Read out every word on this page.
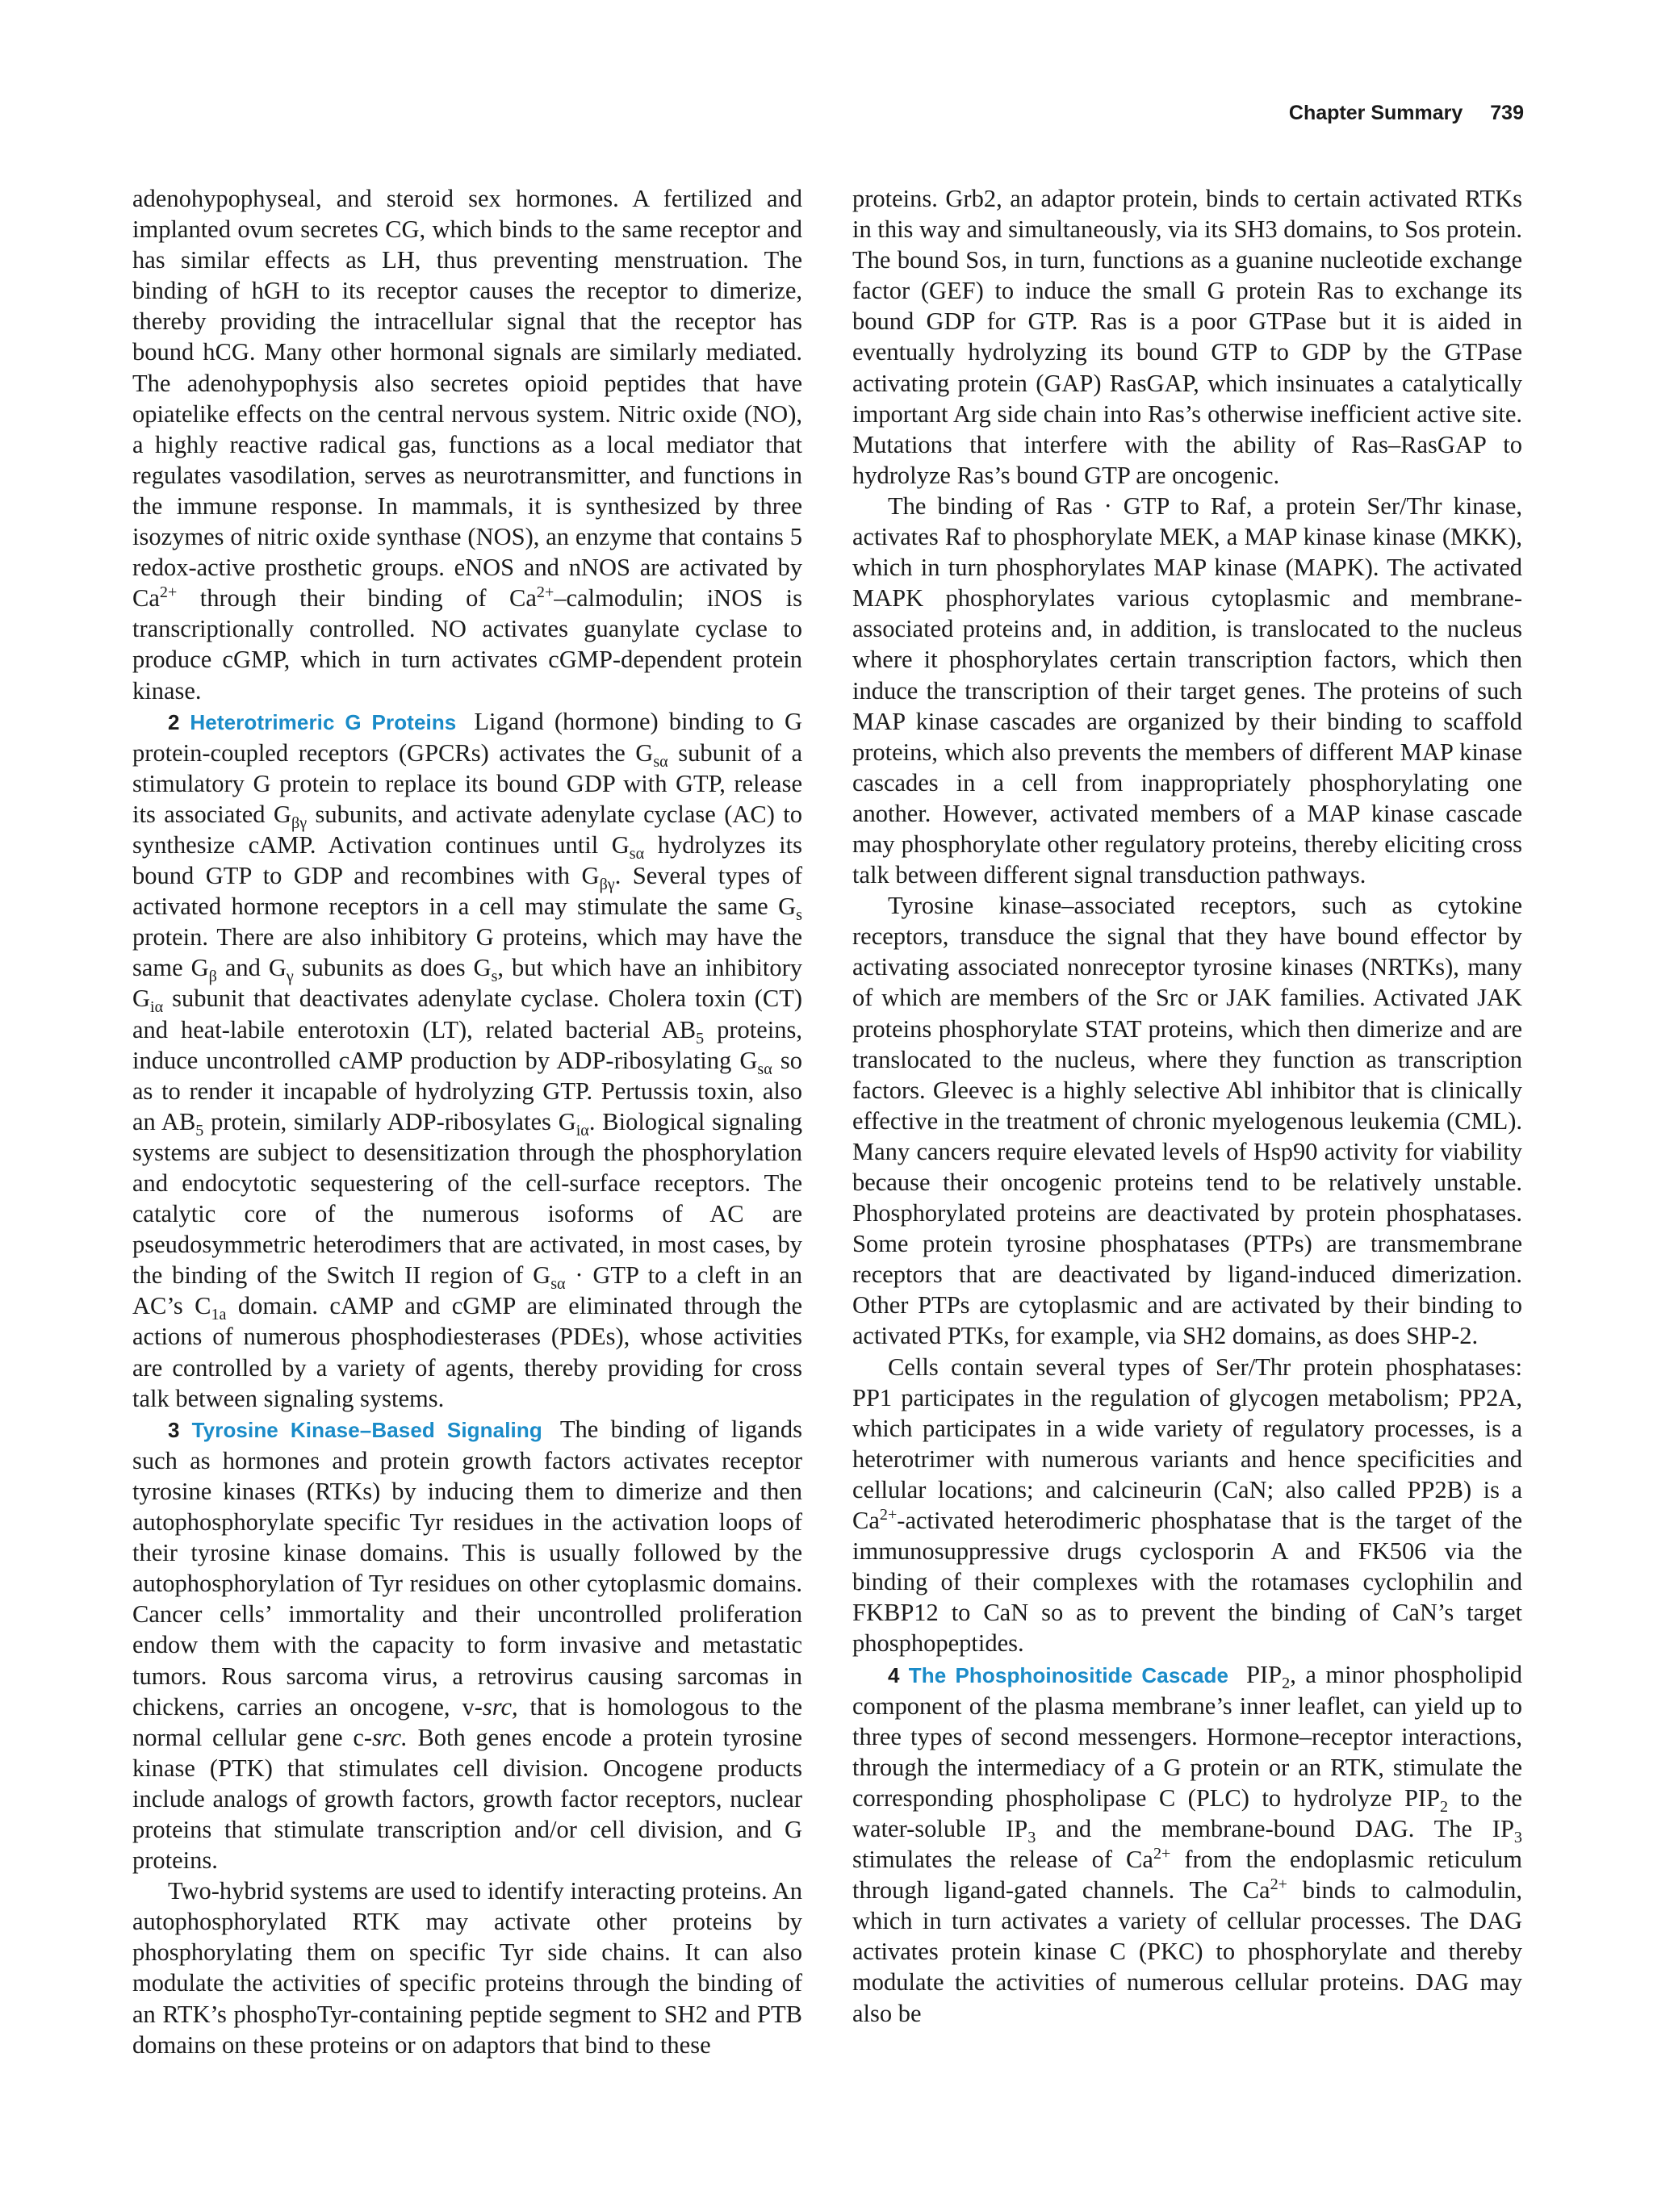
Chapter Summary 739

adenohypophyseal, and steroid sex hormones. A fertilized and implanted ovum secretes CG, which binds to the same receptor and has similar effects as LH, thus preventing menstruation. The binding of hGH to its receptor causes the receptor to dimerize, thereby providing the intracellular signal that the receptor has bound hCG. Many other hormonal signals are similarly mediated. The adenohypophysis also secretes opioid peptides that have opiatelike effects on the central nervous system. Nitric oxide (NO), a highly reactive radical gas, functions as a local mediator that regulates vasodilation, serves as neurotransmitter, and functions in the immune response. In mammals, it is synthesized by three isozymes of nitric oxide synthase (NOS), an enzyme that contains 5 redox-active prosthetic groups. eNOS and nNOS are activated by $Ca^{2+}$ through their binding of $Ca^{2+}$–calmodulin; iNOS is transcriptionally controlled. NO activates guanylate cyclase to produce cGMP, which in turn activates cGMP-dependent protein kinase.

2 Heterotrimeric G Proteins Ligand (hormone) binding to G protein-coupled receptors (GPCRs) activates the $G_{s\alpha}$ subunit of a stimulatory G protein to replace its bound GDP with GTP, release its associated $G_{\beta\gamma}$ subunits, and activate adenylate cyclase (AC) to synthesize cAMP. Activation continues until $G_{s\alpha}$ hydrolyzes its bound GTP to GDP and recombines with $G_{\beta\gamma}$. Several types of activated hormone receptors in a cell may stimulate the same $G_s$ protein. There are also inhibitory G proteins, which may have the same $G_\beta$ and $G_\gamma$ subunits as does $G_s$, but which have an inhibitory $G_{i\alpha}$ subunit that deactivates adenylate cyclase. Cholera toxin (CT) and heat-labile enterotoxin (LT), related bacterial $AB_5$ proteins, induce uncontrolled cAMP production by ADP-ribosylating $G_{s\alpha}$ so as to render it incapable of hydrolyzing GTP. Pertussis toxin, also an $AB_5$ protein, similarly ADP-ribosylates $G_{i\alpha}$. Biological signaling systems are subject to desensitization through the phosphorylation and endocytotic sequestering of the cell-surface receptors. The catalytic core of the numerous isoforms of AC are pseudosymmetric heterodimers that are activated, in most cases, by the binding of the Switch II region of $G_{s\alpha}$ · GTP to a cleft in an AC’s $C_{1a}$ domain. cAMP and cGMP are eliminated through the actions of numerous phosphodiesterases (PDEs), whose activities are controlled by a variety of agents, thereby providing for cross talk between signaling systems.

3 Tyrosine Kinase–Based Signaling The binding of ligands such as hormones and protein growth factors activates receptor tyrosine kinases (RTKs) by inducing them to dimerize and then autophosphorylate specific Tyr residues in the activation loops of their tyrosine kinase domains. This is usually followed by the autophosphorylation of Tyr residues on other cytoplasmic domains. Cancer cells’ immortality and their uncontrolled proliferation endow them with the capacity to form invasive and metastatic tumors. Rous sarcoma virus, a retrovirus causing sarcomas in chickens, carries an oncogene, v-src, that is homologous to the normal cellular gene c-src. Both genes encode a protein tyrosine kinase (PTK) that stimulates cell division. Oncogene products include analogs of growth factors, growth factor receptors, nuclear proteins that stimulate transcription and/or cell division, and G proteins.

Two-hybrid systems are used to identify interacting proteins. An autophosphorylated RTK may activate other proteins by phosphorylating them on specific Tyr side chains. It can also modulate the activities of specific proteins through the binding of an RTK’s phosphoTyr-containing peptide segment to SH2 and PTB domains on these proteins or on adaptors that bind to these

proteins. Grb2, an adaptor protein, binds to certain activated RTKs in this way and simultaneously, via its SH3 domains, to Sos protein. The bound Sos, in turn, functions as a guanine nucleotide exchange factor (GEF) to induce the small G protein Ras to exchange its bound GDP for GTP. Ras is a poor GTPase but it is aided in eventually hydrolyzing its bound GTP to GDP by the GTPase activating protein (GAP) RasGAP, which insinuates a catalytically important Arg side chain into Ras’s otherwise inefficient active site. Mutations that interfere with the ability of Ras–RasGAP to hydrolyze Ras’s bound GTP are oncogenic.

The binding of Ras · GTP to Raf, a protein Ser/Thr kinase, activates Raf to phosphorylate MEK, a MAP kinase kinase (MKK), which in turn phosphorylates MAP kinase (MAPK). The activated MAPK phosphorylates various cytoplasmic and membrane-associated proteins and, in addition, is translocated to the nucleus where it phosphorylates certain transcription factors, which then induce the transcription of their target genes. The proteins of such MAP kinase cascades are organized by their binding to scaffold proteins, which also prevents the members of different MAP kinase cascades in a cell from inappropriately phosphorylating one another. However, activated members of a MAP kinase cascade may phosphorylate other regulatory proteins, thereby eliciting cross talk between different signal transduction pathways.

Tyrosine kinase–associated receptors, such as cytokine receptors, transduce the signal that they have bound effector by activating associated nonreceptor tyrosine kinases (NRTKs), many of which are members of the Src or JAK families. Activated JAK proteins phosphorylate STAT proteins, which then dimerize and are translocated to the nucleus, where they function as transcription factors. Gleevec is a highly selective Abl inhibitor that is clinically effective in the treatment of chronic myelogenous leukemia (CML). Many cancers require elevated levels of Hsp90 activity for viability because their oncogenic proteins tend to be relatively unstable. Phosphorylated proteins are deactivated by protein phosphatases. Some protein tyrosine phosphatases (PTPs) are transmembrane receptors that are deactivated by ligand-induced dimerization. Other PTPs are cytoplasmic and are activated by their binding to activated PTKs, for example, via SH2 domains, as does SHP-2.

Cells contain several types of Ser/Thr protein phosphatases: PP1 participates in the regulation of glycogen metabolism; PP2A, which participates in a wide variety of regulatory processes, is a heterotrimer with numerous variants and hence specificities and cellular locations; and calcineurin (CaN; also called PP2B) is a $Ca^{2+}$-activated heterodimeric phosphatase that is the target of the immunosuppressive drugs cyclosporin A and FK506 via the binding of their complexes with the rotamases cyclophilin and FKBP12 to CaN so as to prevent the binding of CaN’s target phosphopeptides.

4 The Phosphoinositide Cascade $PIP_2$, a minor phospholipid component of the plasma membrane’s inner leaflet, can yield up to three types of second messengers. Hormone–receptor interactions, through the intermediacy of a G protein or an RTK, stimulate the corresponding phospholipase C (PLC) to hydrolyze $PIP_2$ to the water-soluble $IP_3$ and the membrane-bound DAG. The $IP_3$ stimulates the release of $Ca^{2+}$ from the endoplasmic reticulum through ligand-gated channels. The $Ca^{2+}$ binds to calmodulin, which in turn activates a variety of cellular processes. The DAG activates protein kinase C (PKC) to phosphorylate and thereby modulate the activities of numerous cellular proteins. DAG may also be
